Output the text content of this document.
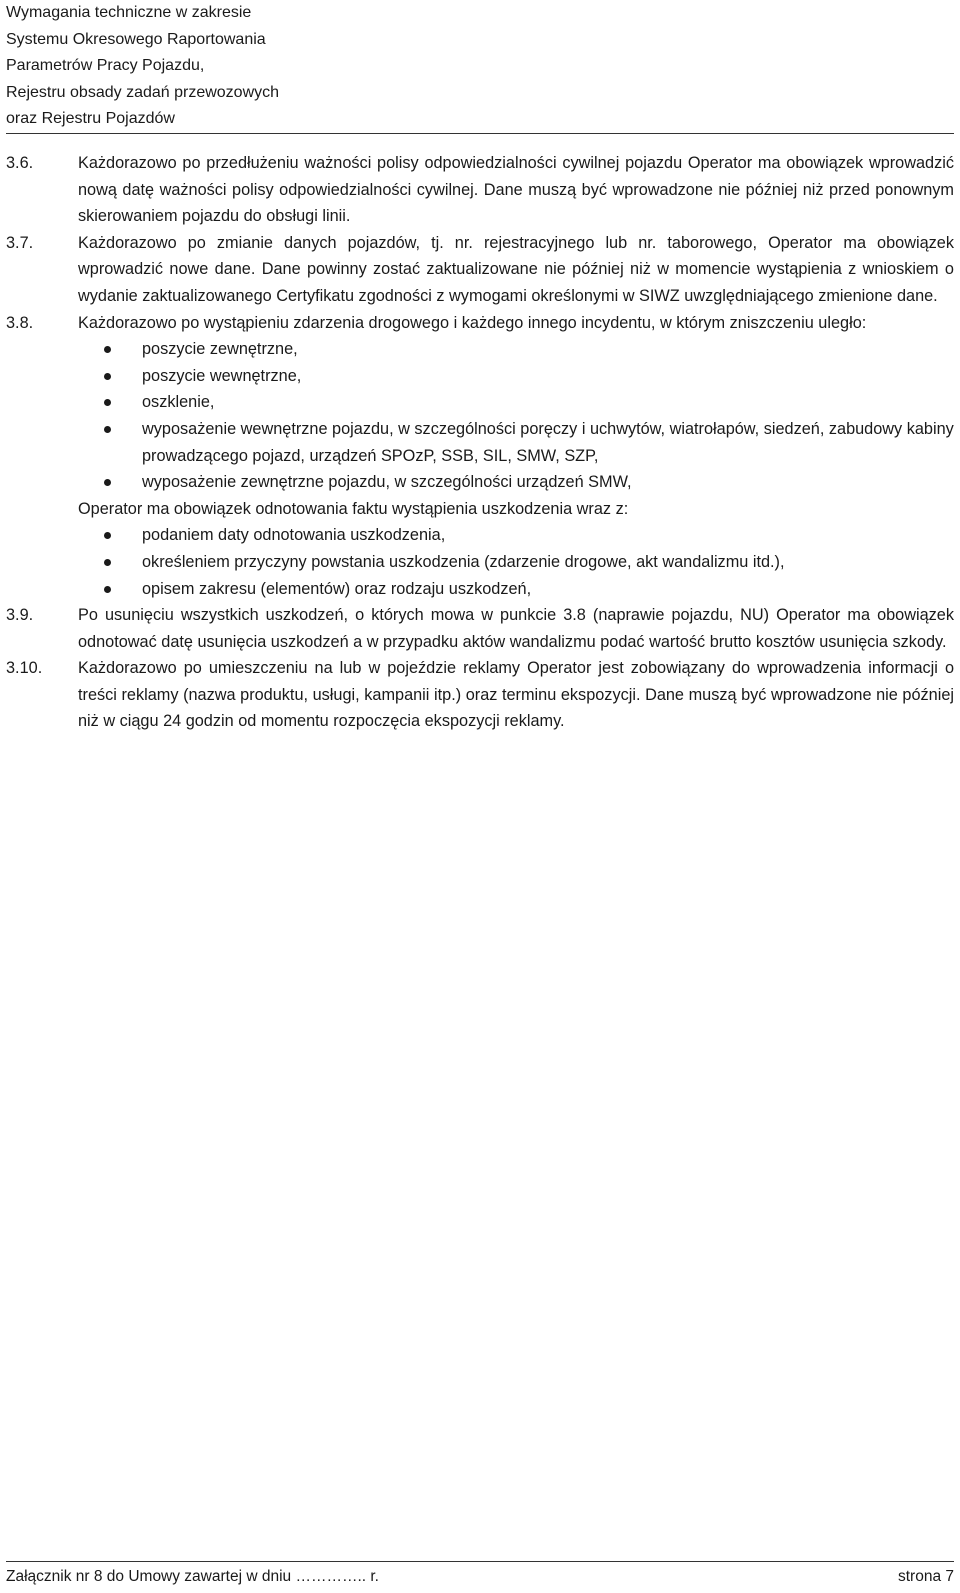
Wymagania techniczne w zakresie
Systemu Okresowego Raportowania
Parametrów Pracy Pojazdu,
Rejestru obsady zadań przewozowych
oraz Rejestru Pojazdów
3.6.	Każdorazowo po przedłużeniu ważności polisy odpowiedzialności cywilnej pojazdu Operator ma obowiązek wprowadzić nową datę ważności polisy odpowiedzialności cywilnej. Dane muszą być wprowadzone nie później niż przed ponownym skierowaniem pojazdu do obsługi linii.

3.7.	Każdorazowo po zmianie danych pojazdów, tj. nr. rejestracyjnego lub nr. taborowego, Operator ma obowiązek wprowadzić nowe dane. Dane powinny zostać zaktualizowane nie później niż w momencie wystąpienia z wnioskiem o wydanie zaktualizowanego Certyfikatu zgodności z wymogami określonymi w SIWZ uwzględniającego zmienione dane.

3.8.	Każdorazowo po wystąpieniu zdarzenia drogowego i każdego innego incydentu, w którym zniszczeniu uległo:

poszycie zewnętrzne,
poszycie wewnętrzne,
oszklenie,
wyposażenie wewnętrzne pojazdu, w szczególności poręczy i uchwytów, wiatrołapów, siedzeń, zabudowy kabiny prowadzącego pojazd, urządzeń SPOzP, SSB, SIL, SMW, SZP,
wyposażenie zewnętrzne pojazdu, w szczególności urządzeń SMW,

Operator ma obowiązek odnotowania faktu wystąpienia uszkodzenia wraz z:

podaniem daty odnotowania uszkodzenia,
określeniem przyczyny powstania uszkodzenia (zdarzenie drogowe, akt wandalizmu itd.),
opisem zakresu (elementów) oraz rodzaju uszkodzeń,
3.9.	Po usunięciu wszystkich uszkodzeń, o których mowa w punkcie 3.8 (naprawie pojazdu, NU) Operator ma obowiązek odnotować datę usunięcia uszkodzeń a w przypadku aktów wandalizmu podać wartość brutto kosztów usunięcia szkody.

3.10. Każdorazowo po umieszczeniu na lub w pojeździe reklamy Operator jest zobowiązany do wprowadzenia informacji o treści reklamy (nazwa produktu, usługi, kampanii itp.) oraz terminu ekspozycji. Dane muszą być wprowadzone nie później niż w ciągu 24 godzin od momentu rozpoczęcia ekspozycji reklamy.

Załącznik nr 8 do Umowy zawartej w dniu ………….. r.	strona 7
